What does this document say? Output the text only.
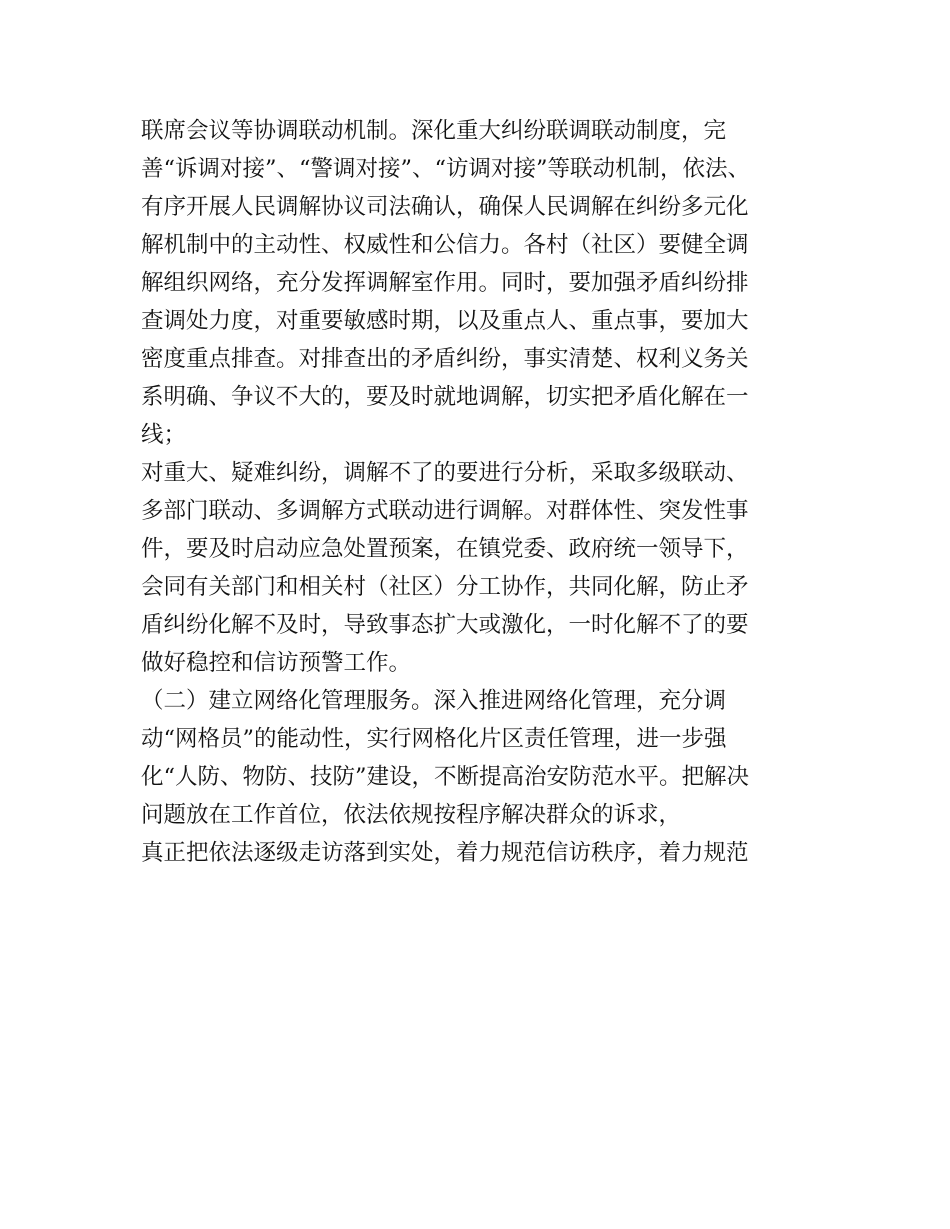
联席会议等协调联动机制。深化重大纠纷联调联动制度，完
善“诉调对接”、“警调对接”、“访调对接”等联动机制，依法、
有序开展人民调解协议司法确认，确保人民调解在纠纷多元化
解机制中的主动性、权威性和公信力。各村（社区）要健全调
解组织网络，充分发挥调解室作用。同时，要加强矛盾纠纷排
查调处力度，对重要敏感时期，以及重点人、重点事，要加大
密度重点排查。对排查出的矛盾纠纷，事实清楚、权利义务关
系明确、争议不大的，要及时就地调解，切实把矛盾化解在一
线；
对重大、疑难纠纷，调解不了的要进行分析，采取多级联动、
多部门联动、多调解方式联动进行调解。对群体性、突发性事
件，要及时启动应急处置预案，在镇党委、政府统一领导下，
会同有关部门和相关村（社区）分工协作，共同化解，防止矛
盾纠纷化解不及时，导致事态扩大或激化，一时化解不了的要
做好稳控和信访预警工作。
（二）建立网络化管理服务。深入推进网络化管理，充分调
动“网格员”的能动性，实行网格化片区责任管理，进一步强
化“人防、物防、技防”建设，不断提高治安防范水平。把解决
问题放在工作首位，依法依规按程序解决群众的诉求，
真正把依法逐级走访落到实处，着力规范信访秩序，着力规范
